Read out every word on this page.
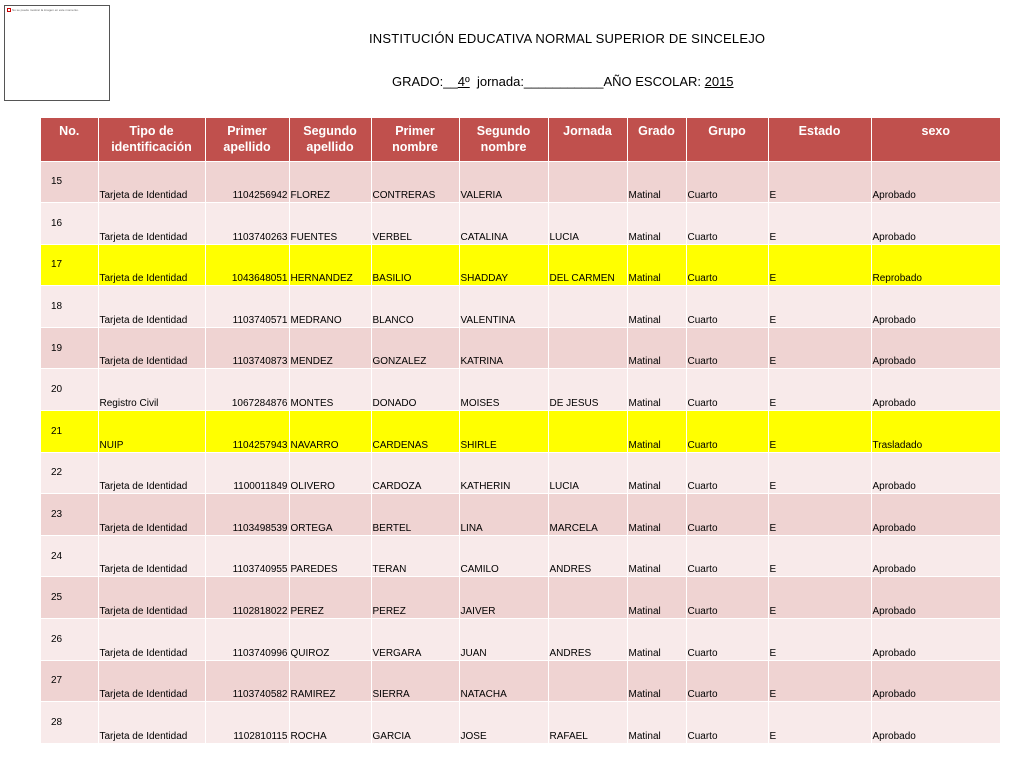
No se puede mostrar la imagen en este momento.
INSTITUCIÓN EDUCATIVA NORMAL SUPERIOR DE SINCELEJO
GRADO:__4º  jornada:___________AÑO ESCOLAR: 2015
No.	Tipo de identificación	Primer apellido	Segundo apellido	Primer nombre	Segundo nombre	Jornada	Grado	Grupo	Estado	sexo
15	Tarjeta de Identidad	1104256942	FLOREZ	CONTRERAS	VALERIA		Matinal	Cuarto	E	Aprobado
16	Tarjeta de Identidad	1103740263	FUENTES	VERBEL	CATALINA	LUCIA	Matinal	Cuarto	E	Aprobado
17	Tarjeta de Identidad	1043648051	HERNANDEZ	BASILIO	SHADDAY	DEL CARMEN	Matinal	Cuarto	E	Reprobado
18	Tarjeta de Identidad	1103740571	MEDRANO	BLANCO	VALENTINA		Matinal	Cuarto	E	Aprobado
19	Tarjeta de Identidad	1103740873	MENDEZ	GONZALEZ	KATRINA		Matinal	Cuarto	E	Aprobado
20	Registro Civil	1067284876	MONTES	DONADO	MOISES	DE JESUS	Matinal	Cuarto	E	Aprobado
21	NUIP	1104257943	NAVARRO	CARDENAS	SHIRLE		Matinal	Cuarto	E	Trasladado
22	Tarjeta de Identidad	1100011849	OLIVERO	CARDOZA	KATHERIN	LUCIA	Matinal	Cuarto	E	Aprobado
23	Tarjeta de Identidad	1103498539	ORTEGA	BERTEL	LINA	MARCELA	Matinal	Cuarto	E	Aprobado
24	Tarjeta de Identidad	1103740955	PAREDES	TERAN	CAMILO	ANDRES	Matinal	Cuarto	E	Aprobado
25	Tarjeta de Identidad	1102818022	PEREZ	PEREZ	JAIVER		Matinal	Cuarto	E	Aprobado
26	Tarjeta de Identidad	1103740996	QUIROZ	VERGARA	JUAN	ANDRES	Matinal	Cuarto	E	Aprobado
27	Tarjeta de Identidad	1103740582	RAMIREZ	SIERRA	NATACHA		Matinal	Cuarto	E	Aprobado
28	Tarjeta de Identidad	1102810115	ROCHA	GARCIA	JOSE	RAFAEL	Matinal	Cuarto	E	Aprobado
